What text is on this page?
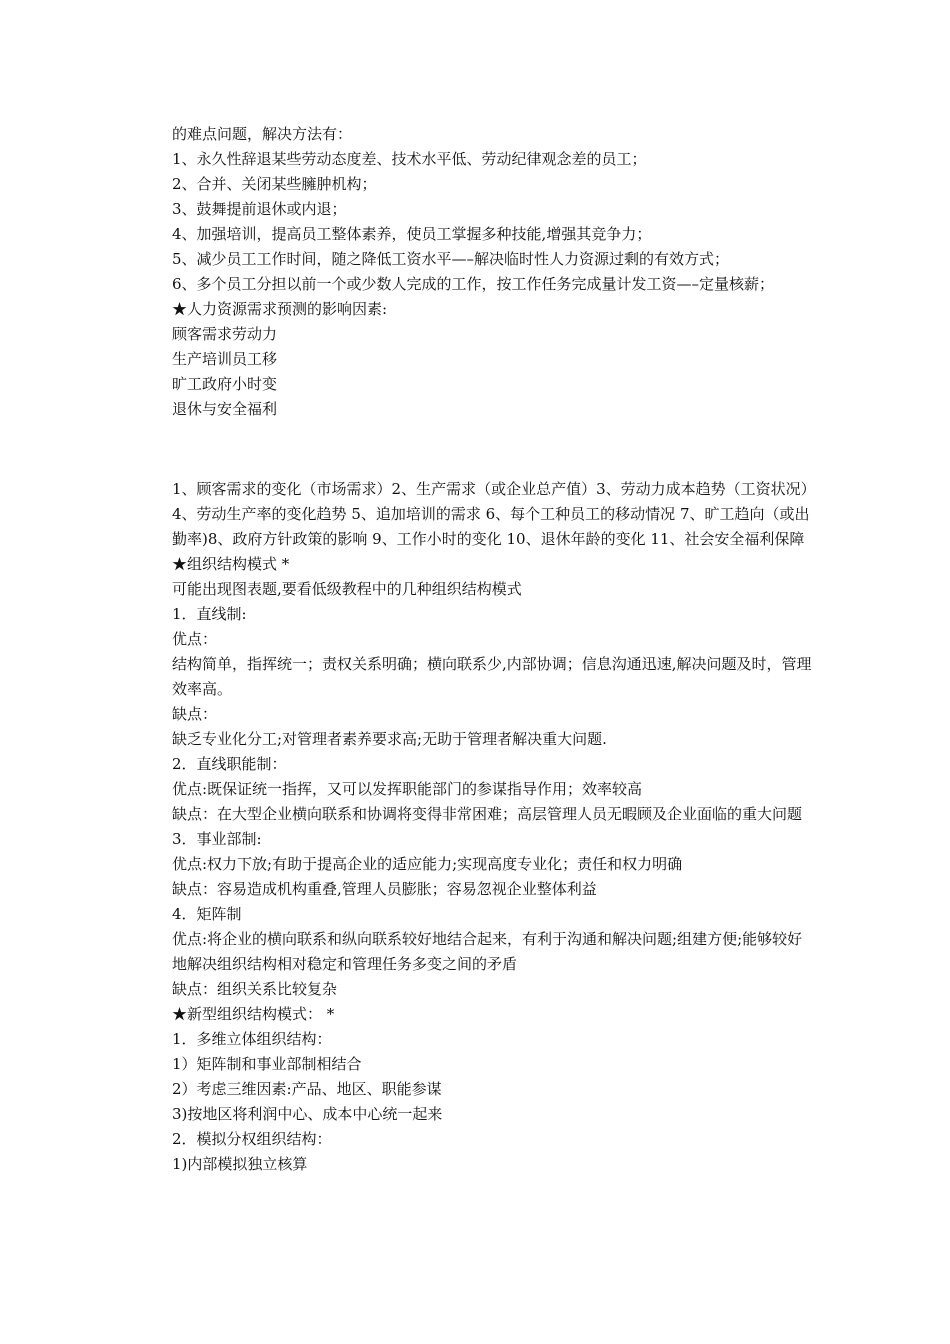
的难点问题，解决方法有：

1、永久性辞退某些劳动态度差、技术水平低、劳动纪律观念差的员工；

2、合并、关闭某些臃肿机构；

3、鼓舞提前退休或内退；

4、加强培训，提高员工整体素养，使员工掌握多种技能,增强其竞争力；

5、减少员工工作时间，随之降低工资水平—–解决临时性人力资源过剩的有效方式；

6、多个员工分担以前一个或少数人完成的工作，按工作任务完成量计发工资—–定量核薪；

★人力资源需求预测的影响因素:

顾客需求劳动力

生产培训员工移

旷工政府小时变

退休与安全福利

1、顾客需求的变化（市场需求）2、生产需求（或企业总产值）3、劳动力成本趋势（工资状况）4、劳动生产率的变化趋势 5、追加培训的需求 6、每个工种员工的移动情况 7、旷工趋向（或出勤率)8、政府方针政策的影响 9、工作小时的变化 10、退休年龄的变化 11、社会安全福利保障

★组织结构模式 *

可能出现图表题,要看低级教程中的几种组织结构模式

1．直线制:

优点：

结构简单，指挥统一；责权关系明确；横向联系少,内部协调；信息沟通迅速,解决问题及时，管理效率高。

缺点：

缺乏专业化分工;对管理者素养要求高;无助于管理者解决重大问题.

2．直线职能制：

优点:既保证统一指挥，又可以发挥职能部门的参谋指导作用；效率较高

缺点：在大型企业横向联系和协调将变得非常困难；高层管理人员无暇顾及企业面临的重大问题

3．事业部制:

优点:权力下放;有助于提高企业的适应能力;实现高度专业化；责任和权力明确

缺点：容易造成机构重叠,管理人员膨胀；容易忽视企业整体利益

4．矩阵制

优点:将企业的横向联系和纵向联系较好地结合起来，有利于沟通和解决问题;组建方便;能够较好地解决组织结构相对稳定和管理任务多变之间的矛盾

缺点：组织关系比较复杂

★新型组织结构模式： *

1．多维立体组织结构：

1）矩阵制和事业部制相结合

2）考虑三维因素:产品、地区、职能参谋

3)按地区将利润中心、成本中心统一起来

2．模拟分权组织结构：

1)内部模拟独立核算
